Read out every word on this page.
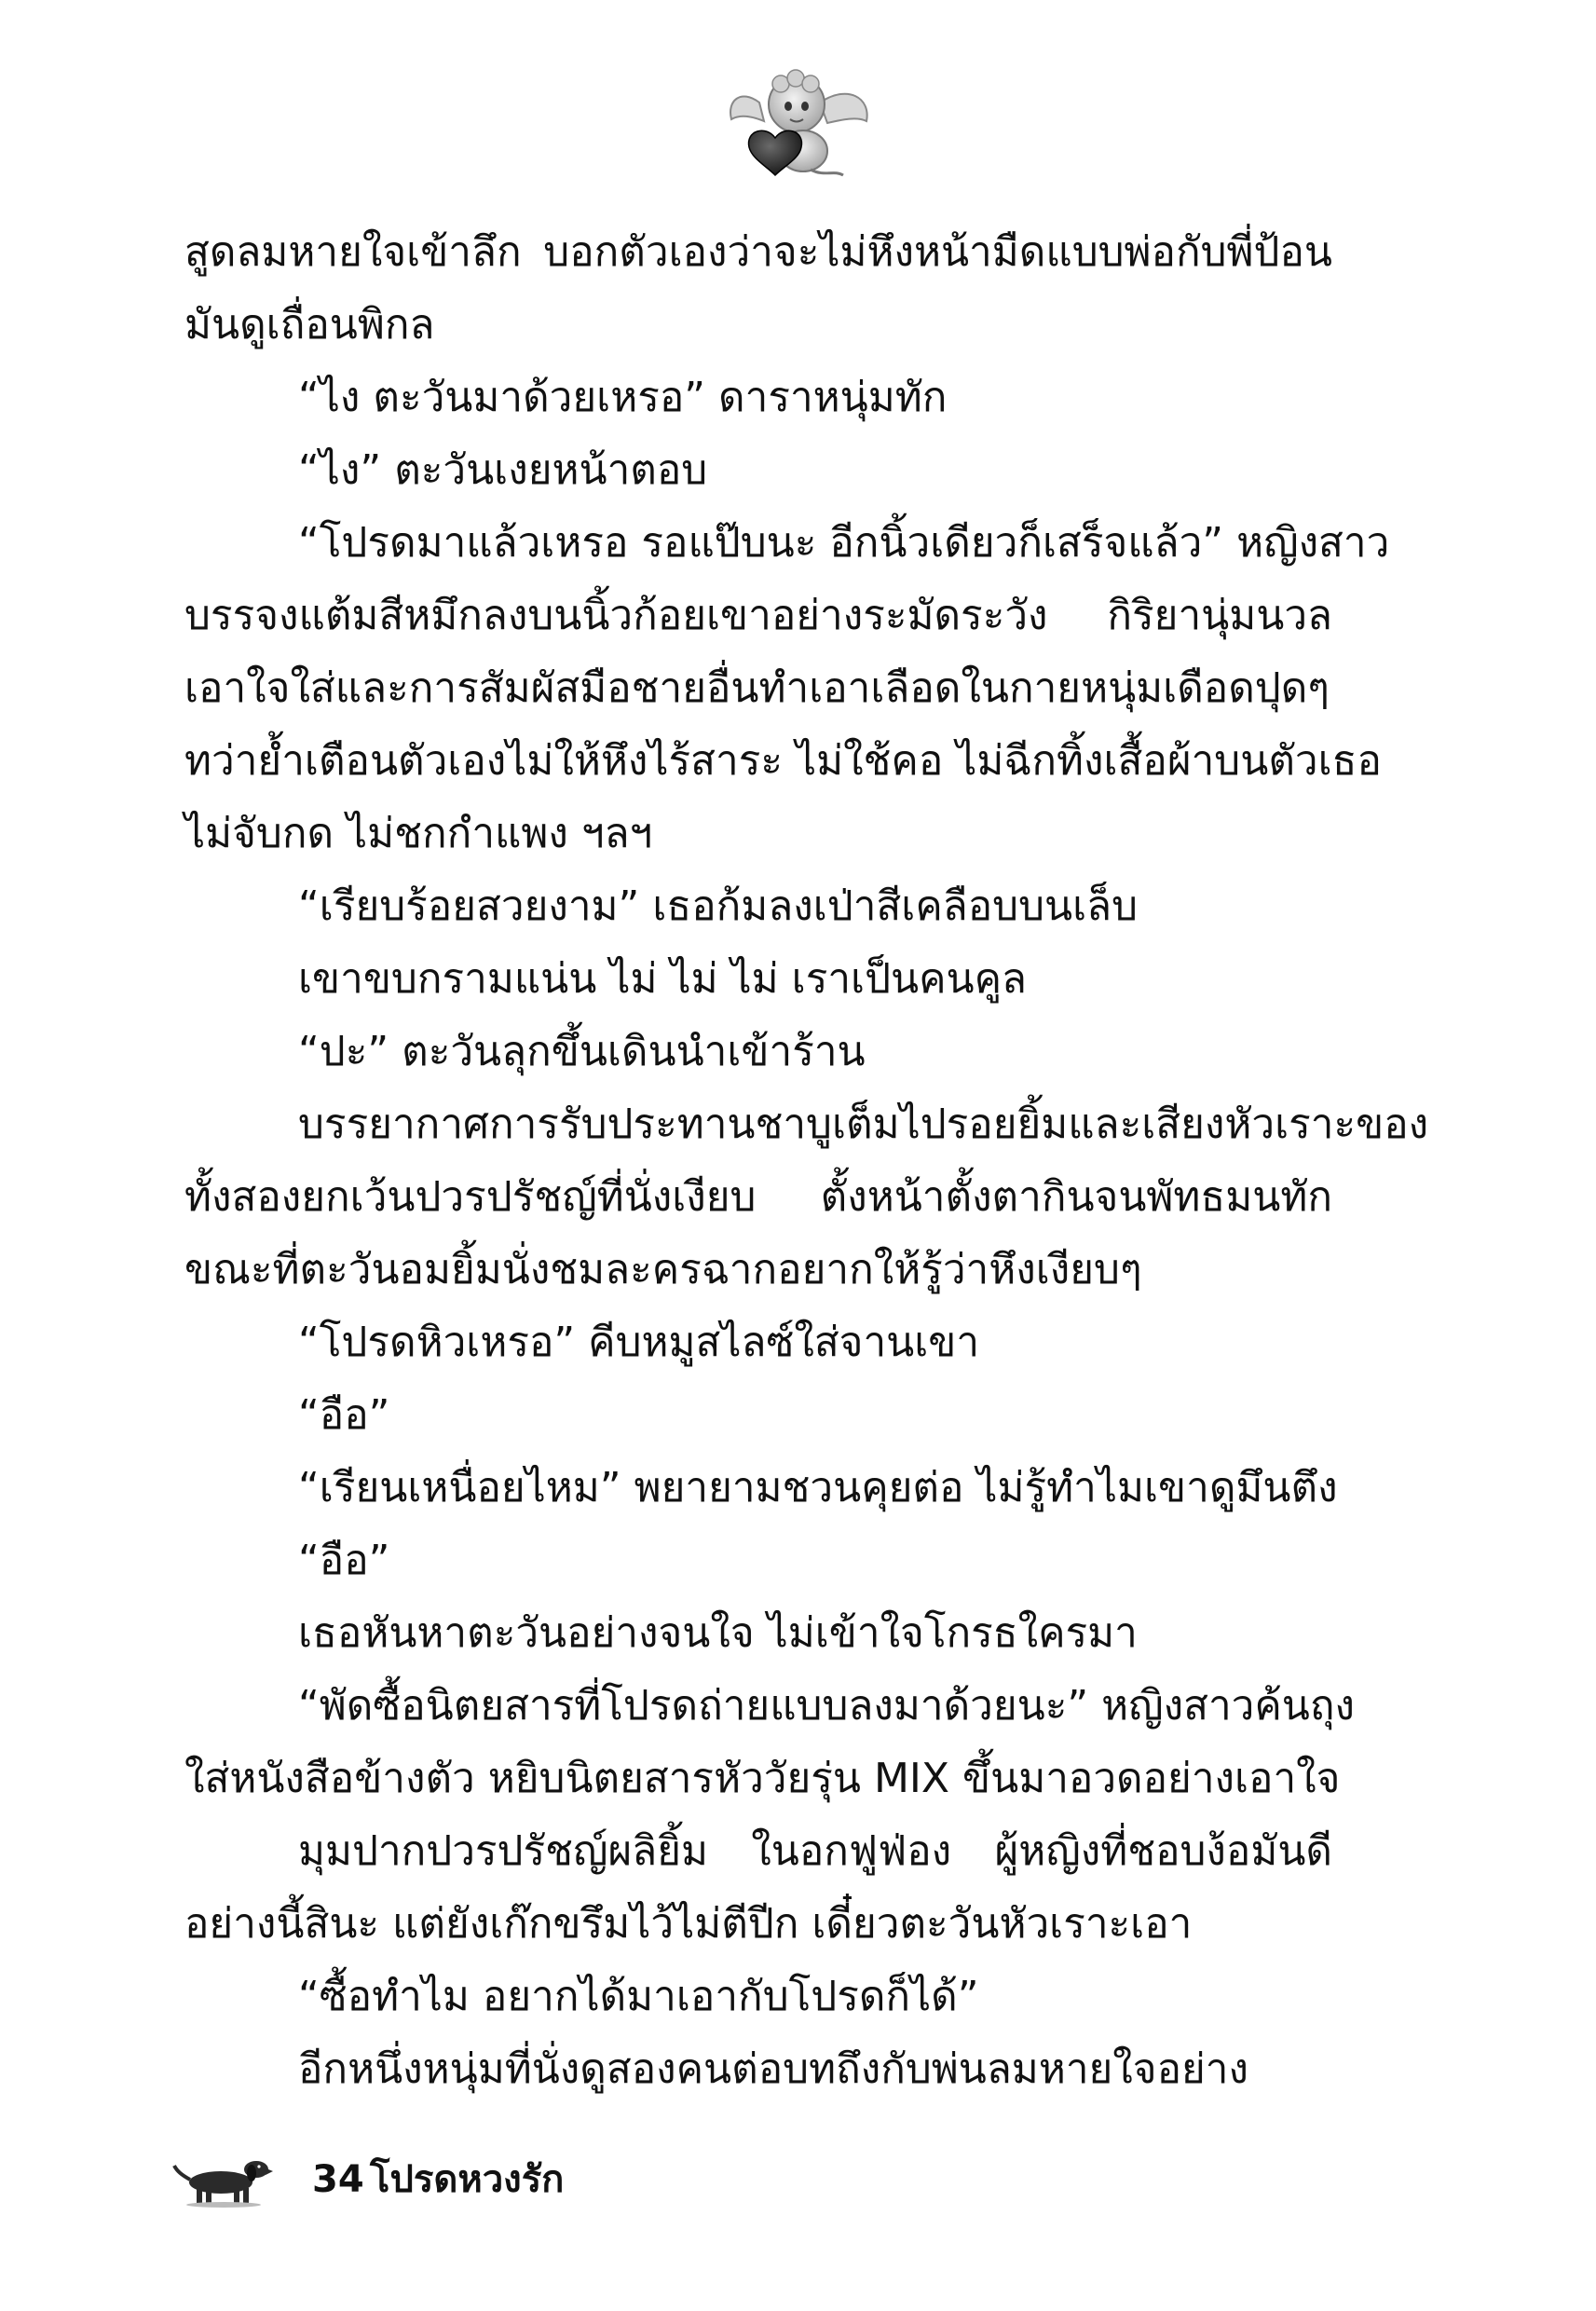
สูดลมหายใจเข้าลึก บอกตัวเองว่าจะไม่หึงหน้ามืดแบบพ่อกับพี่ป้อน
มันดูเถื่อนพิกล
“ไง ตะวันมาด้วยเหรอ” ดาราหนุ่มทัก
“ไง” ตะวันเงยหน้าตอบ
“โปรดมาแล้วเหรอ รอแป๊บนะ อีกนิ้วเดียวก็เสร็จแล้ว” หญิงสาว
บรรจงแต้มสีหมึกลงบนนิ้วก้อยเขาอย่างระมัดระวัง กิริยานุ่มนวล
เอาใจใส่และการสัมผัสมือชายอื่นทำเอาเลือดในกายหนุ่มเดือดปุดๆ
ทว่าย้ำเตือนตัวเองไม่ให้หึงไร้สาระ ไม่ใช้คอ ไม่ฉีกทิ้งเสื้อผ้าบนตัวเธอ
ไม่จับกด ไม่ชกกำแพง ฯลฯ
“เรียบร้อยสวยงาม” เธอก้มลงเป่าสีเคลือบบนเล็บ
เขาขบกรามแน่น ไม่ ไม่ ไม่ เราเป็นคนคูล
“ปะ” ตะวันลุกขึ้นเดินนำเข้าร้าน
บรรยากาศการรับประทานชาบูเต็มไปรอยยิ้มและเสียงหัวเราะของ
ทั้งสองยกเว้นปวรปรัชญ์ที่นั่งเงียบ ตั้งหน้าตั้งตากินจนพัทธมนทัก
ขณะที่ตะวันอมยิ้มนั่งชมละครฉากอยากให้รู้ว่าหึงเงียบๆ
“โปรดหิวเหรอ” คีบหมูสไลซ์ใส่จานเขา
“อือ”
“เรียนเหนื่อยไหม” พยายามชวนคุยต่อ ไม่รู้ทำไมเขาดูมึนตึง
“อือ”
เธอหันหาตะวันอย่างจนใจ ไม่เข้าใจโกรธใครมา
“พัดซื้อนิตยสารที่โปรดถ่ายแบบลงมาด้วยนะ” หญิงสาวค้นถุง
ใส่หนังสือข้างตัว หยิบนิตยสารหัววัยรุ่น MIX ขึ้นมาอวดอย่างเอาใจ
มุมปากปวรปรัชญ์ผลิยิ้ม ในอกฟูฟ่อง ผู้หญิงที่ชอบง้อมันดี
อย่างนี้สินะ แต่ยังเก๊กขรึมไว้ไม่ตีปีก เดี๋ยวตะวันหัวเราะเอา
“ซื้อทำไม อยากได้มาเอากับโปรดก็ได้”
อีกหนึ่งหนุ่มที่นั่งดูสองคนต่อบทถึงกับพ่นลมหายใจอย่าง
34 โปรดหวงรัก
